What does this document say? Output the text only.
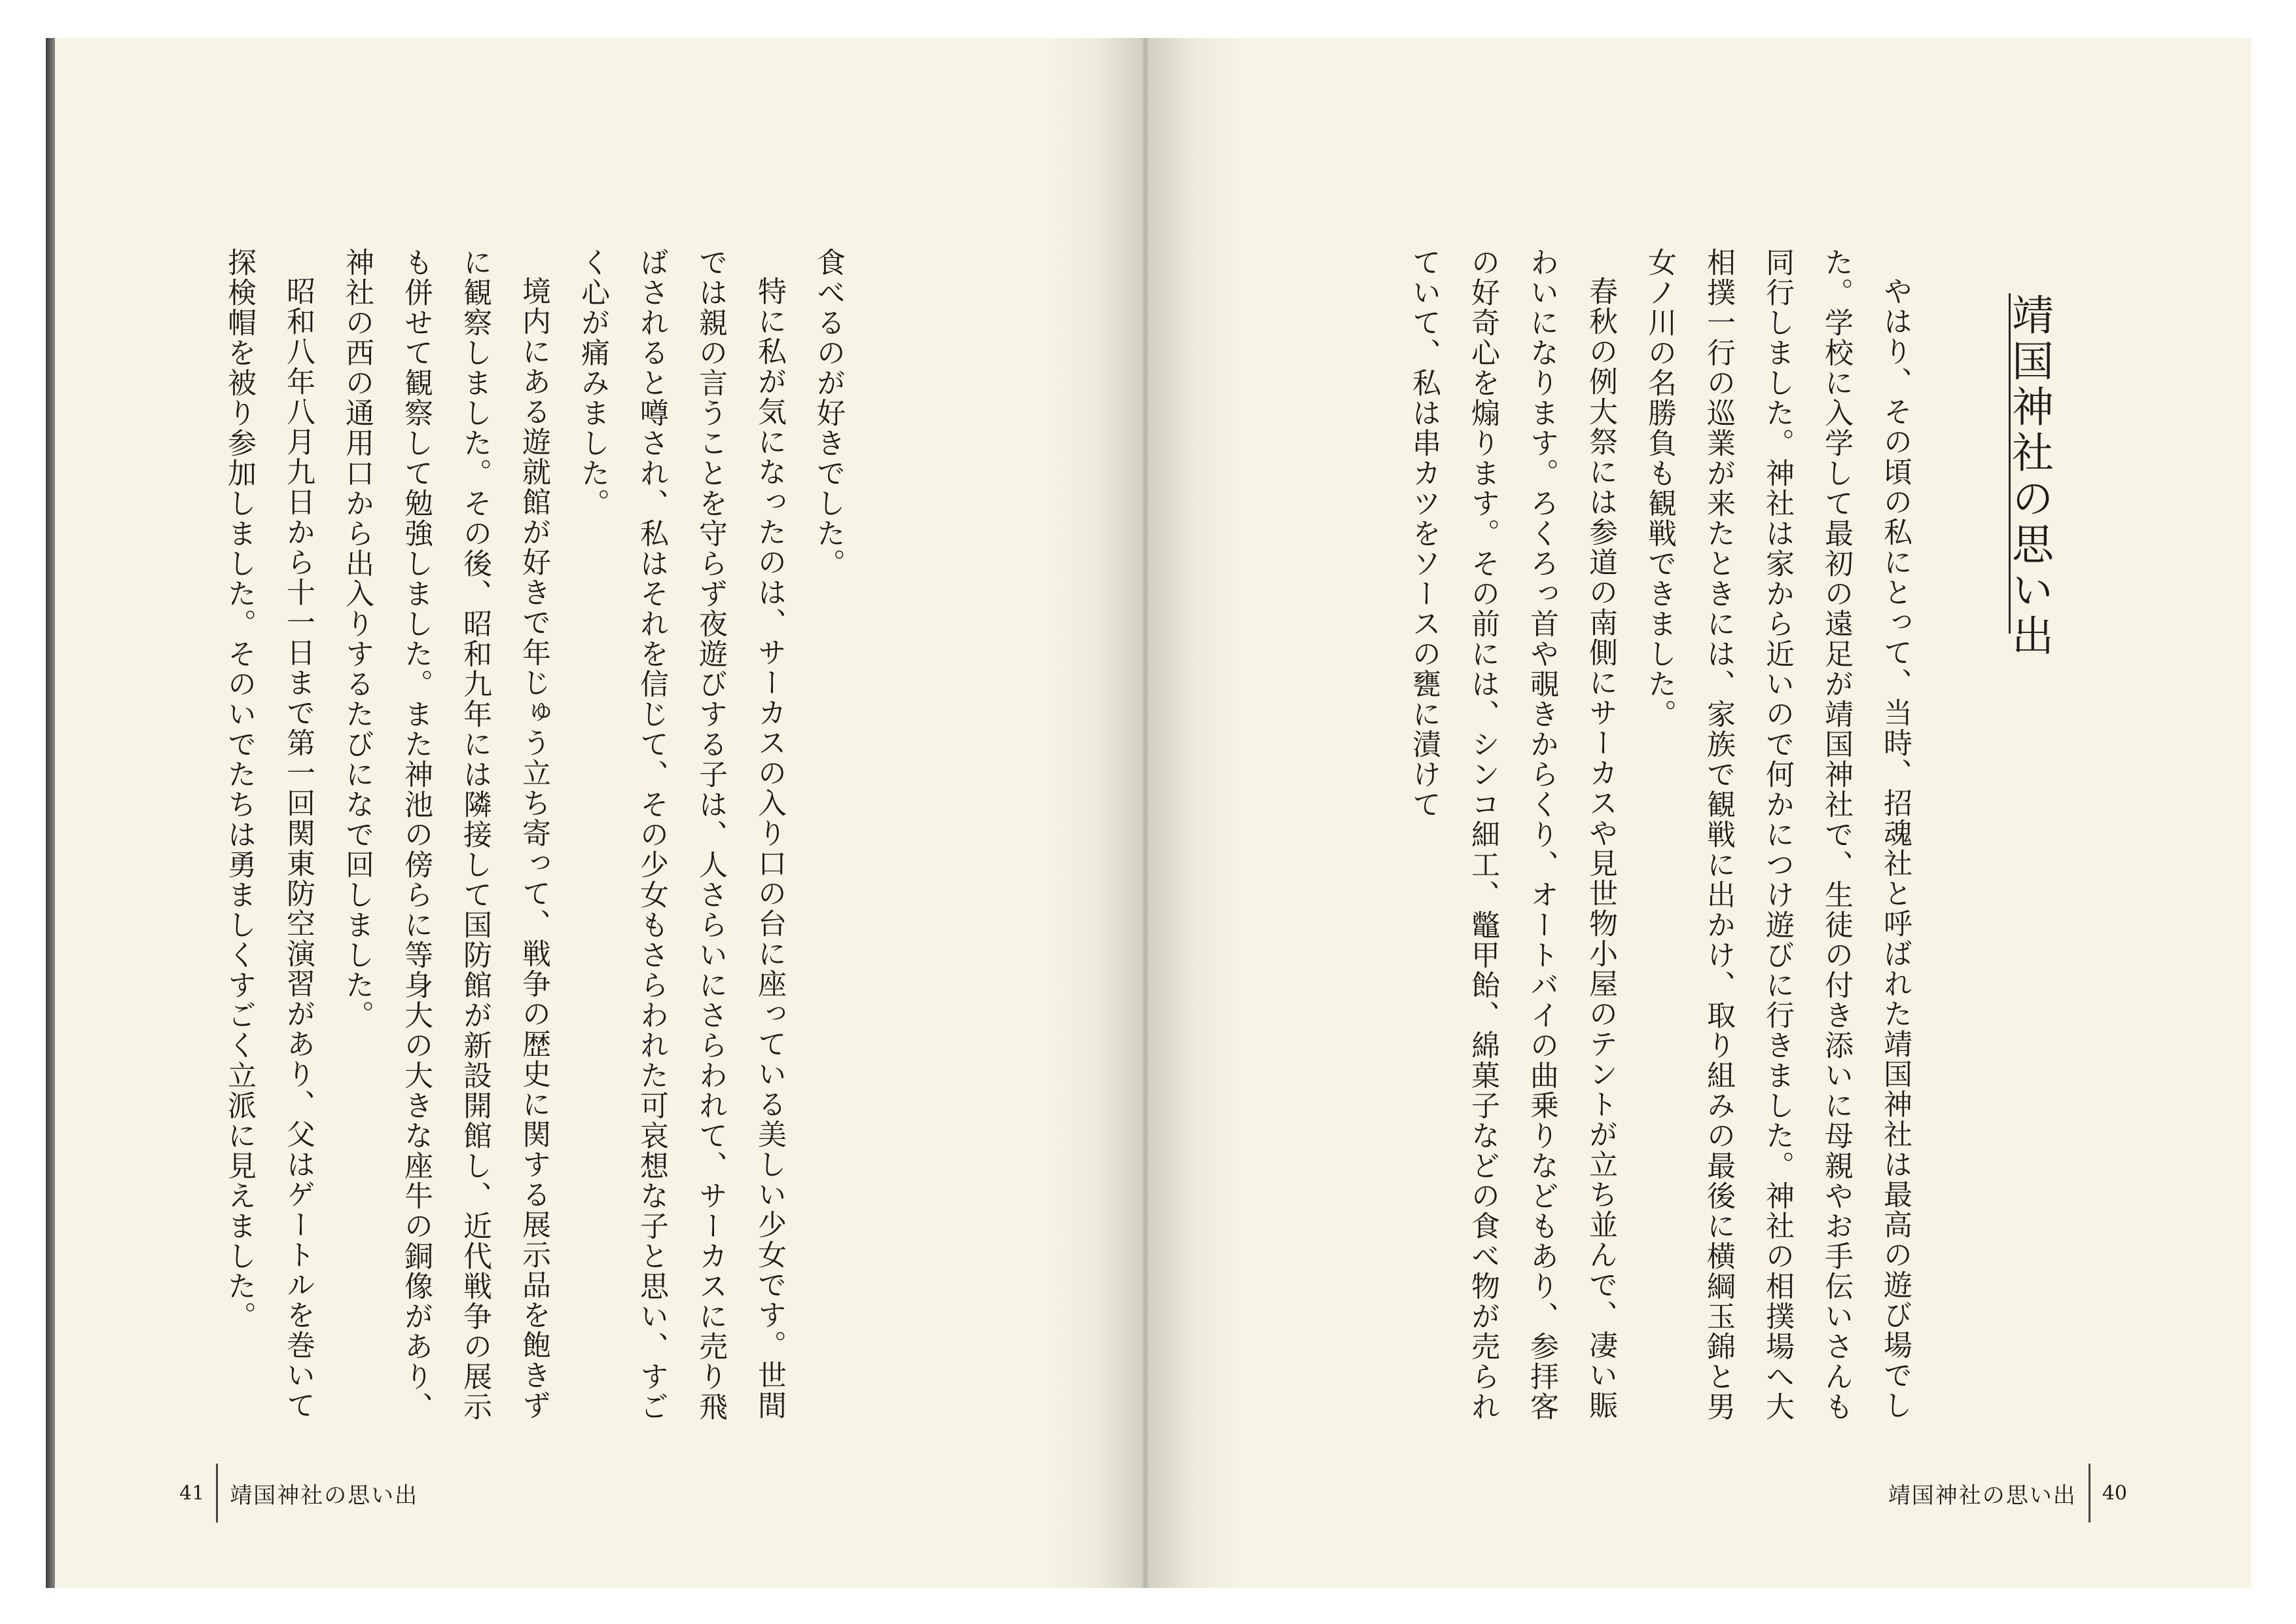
食べるのが好きでした。

特に私が気になったのは、サーカスの入り口の台に座っている美しい少女です。世間では親の言うことを守らず夜遊びする子は、人さらいにさらわれて、サーカスに売り飛ばされると噂され、私はそれを信じて、その少女もさらわれた可哀想な子と思い、すごく心が痛みました。

境内にある遊就館が好きで年じゅう立ち寄って、戦争の歴史に関する展示品を飽きずに観察しました。その後、昭和九年には隣接して国防館が新設開館し、近代戦争の展示も併せて観察して勉強しました。また神池の傍らに等身大の大きな座牛の銅像があり、神社の西の通用口から出入りするたびになで回しました。

昭和八年八月九日から十一日まで第一回関東防空演習があり、父はゲートルを巻いて探検帽を被り参加しました。そのいでたちは勇ましくすごく立派に見えました。

41 靖国神社の思い出
靖国神社の思い出

やはり、その頃の私にとって、当時、招魂社と呼ばれた靖国神社は最高の遊び場でした。学校に入学して最初の遠足が靖国神社で、生徒の付き添いに母親やお手伝いさんも同行しました。神社は家から近いので何かにつけ遊びに行きました。神社の相撲場へ大相撲一行の巡業が来たときには、家族で観戦に出かけ、取り組みの最後に横綱玉錦と男女ノ川の名勝負も観戦できました。

春秋の例大祭には参道の南側にサーカスや見世物小屋のテントが立ち並んで、凄い賑わいになります。ろくろっ首や覗きからくり、オートバイの曲乗りなどもあり、参拝客の好奇心を煽ります。その前には、シンコ細工、鼈甲飴、綿菓子などの食べ物が売られていて、私は串カツをソースの甕に漬けて

靖国神社の思い出 40
